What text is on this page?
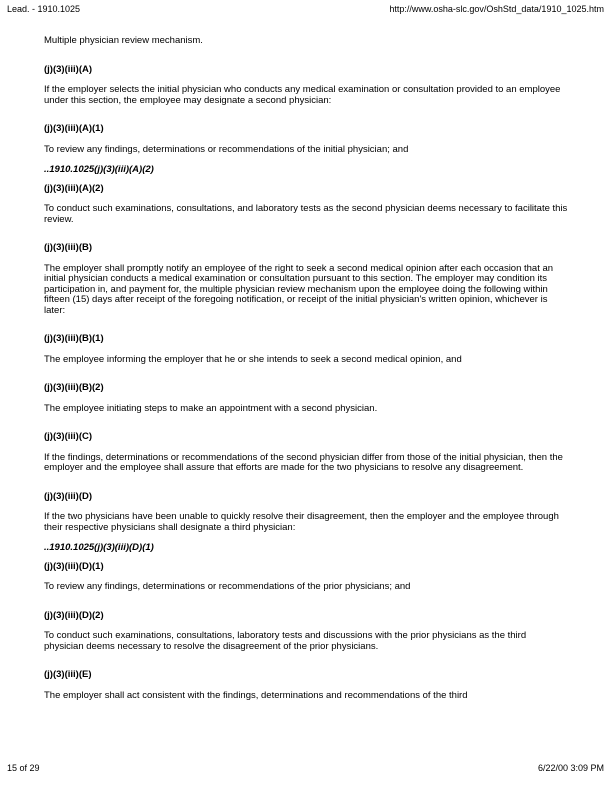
Lead. - 1910.1025	http://www.osha-slc.gov/OshStd_data/1910_1025.htm

Multiple physician review mechanism.

(j)(3)(iii)(A)

If the employer selects the initial physician who conducts any medical examination or consultation provided to an employee under this section, the employee may designate a second physician:

(j)(3)(iii)(A)(1)

To review any findings, determinations or recommendations of the initial physician; and

..1910.1025(j)(3)(iii)(A)(2)

(j)(3)(iii)(A)(2)

To conduct such examinations, consultations, and laboratory tests as the second physician deems necessary to facilitate this review.

(j)(3)(iii)(B)

The employer shall promptly notify an employee of the right to seek a second medical opinion after each occasion that an initial physician conducts a medical examination or consultation pursuant to this section. The employer may condition its participation in, and payment for, the multiple physician review mechanism upon the employee doing the following within fifteen (15) days after receipt of the foregoing notification, or receipt of the initial physician's written opinion, whichever is later:

(j)(3)(iii)(B)(1)

The employee informing the employer that he or she intends to seek a second medical opinion, and

(j)(3)(iii)(B)(2)

The employee initiating steps to make an appointment with a second physician.

(j)(3)(iii)(C)

If the findings, determinations or recommendations of the second physician differ from those of the initial physician, then the employer and the employee shall assure that efforts are made for the two physicians to resolve any disagreement.

(j)(3)(iii)(D)

If the two physicians have been unable to quickly resolve their disagreement, then the employer and the employee through their respective physicians shall designate a third physician:

..1910.1025(j)(3)(iii)(D)(1)

(j)(3)(iii)(D)(1)

To review any findings, determinations or recommendations of the prior physicians; and

(j)(3)(iii)(D)(2)

To conduct such examinations, consultations, laboratory tests and discussions with the prior physicians as the third physician deems necessary to resolve the disagreement of the prior physicians.

(j)(3)(iii)(E)

The employer shall act consistent with the findings, determinations and recommendations of the third

15 of 29	6/22/00 3:09 PM
